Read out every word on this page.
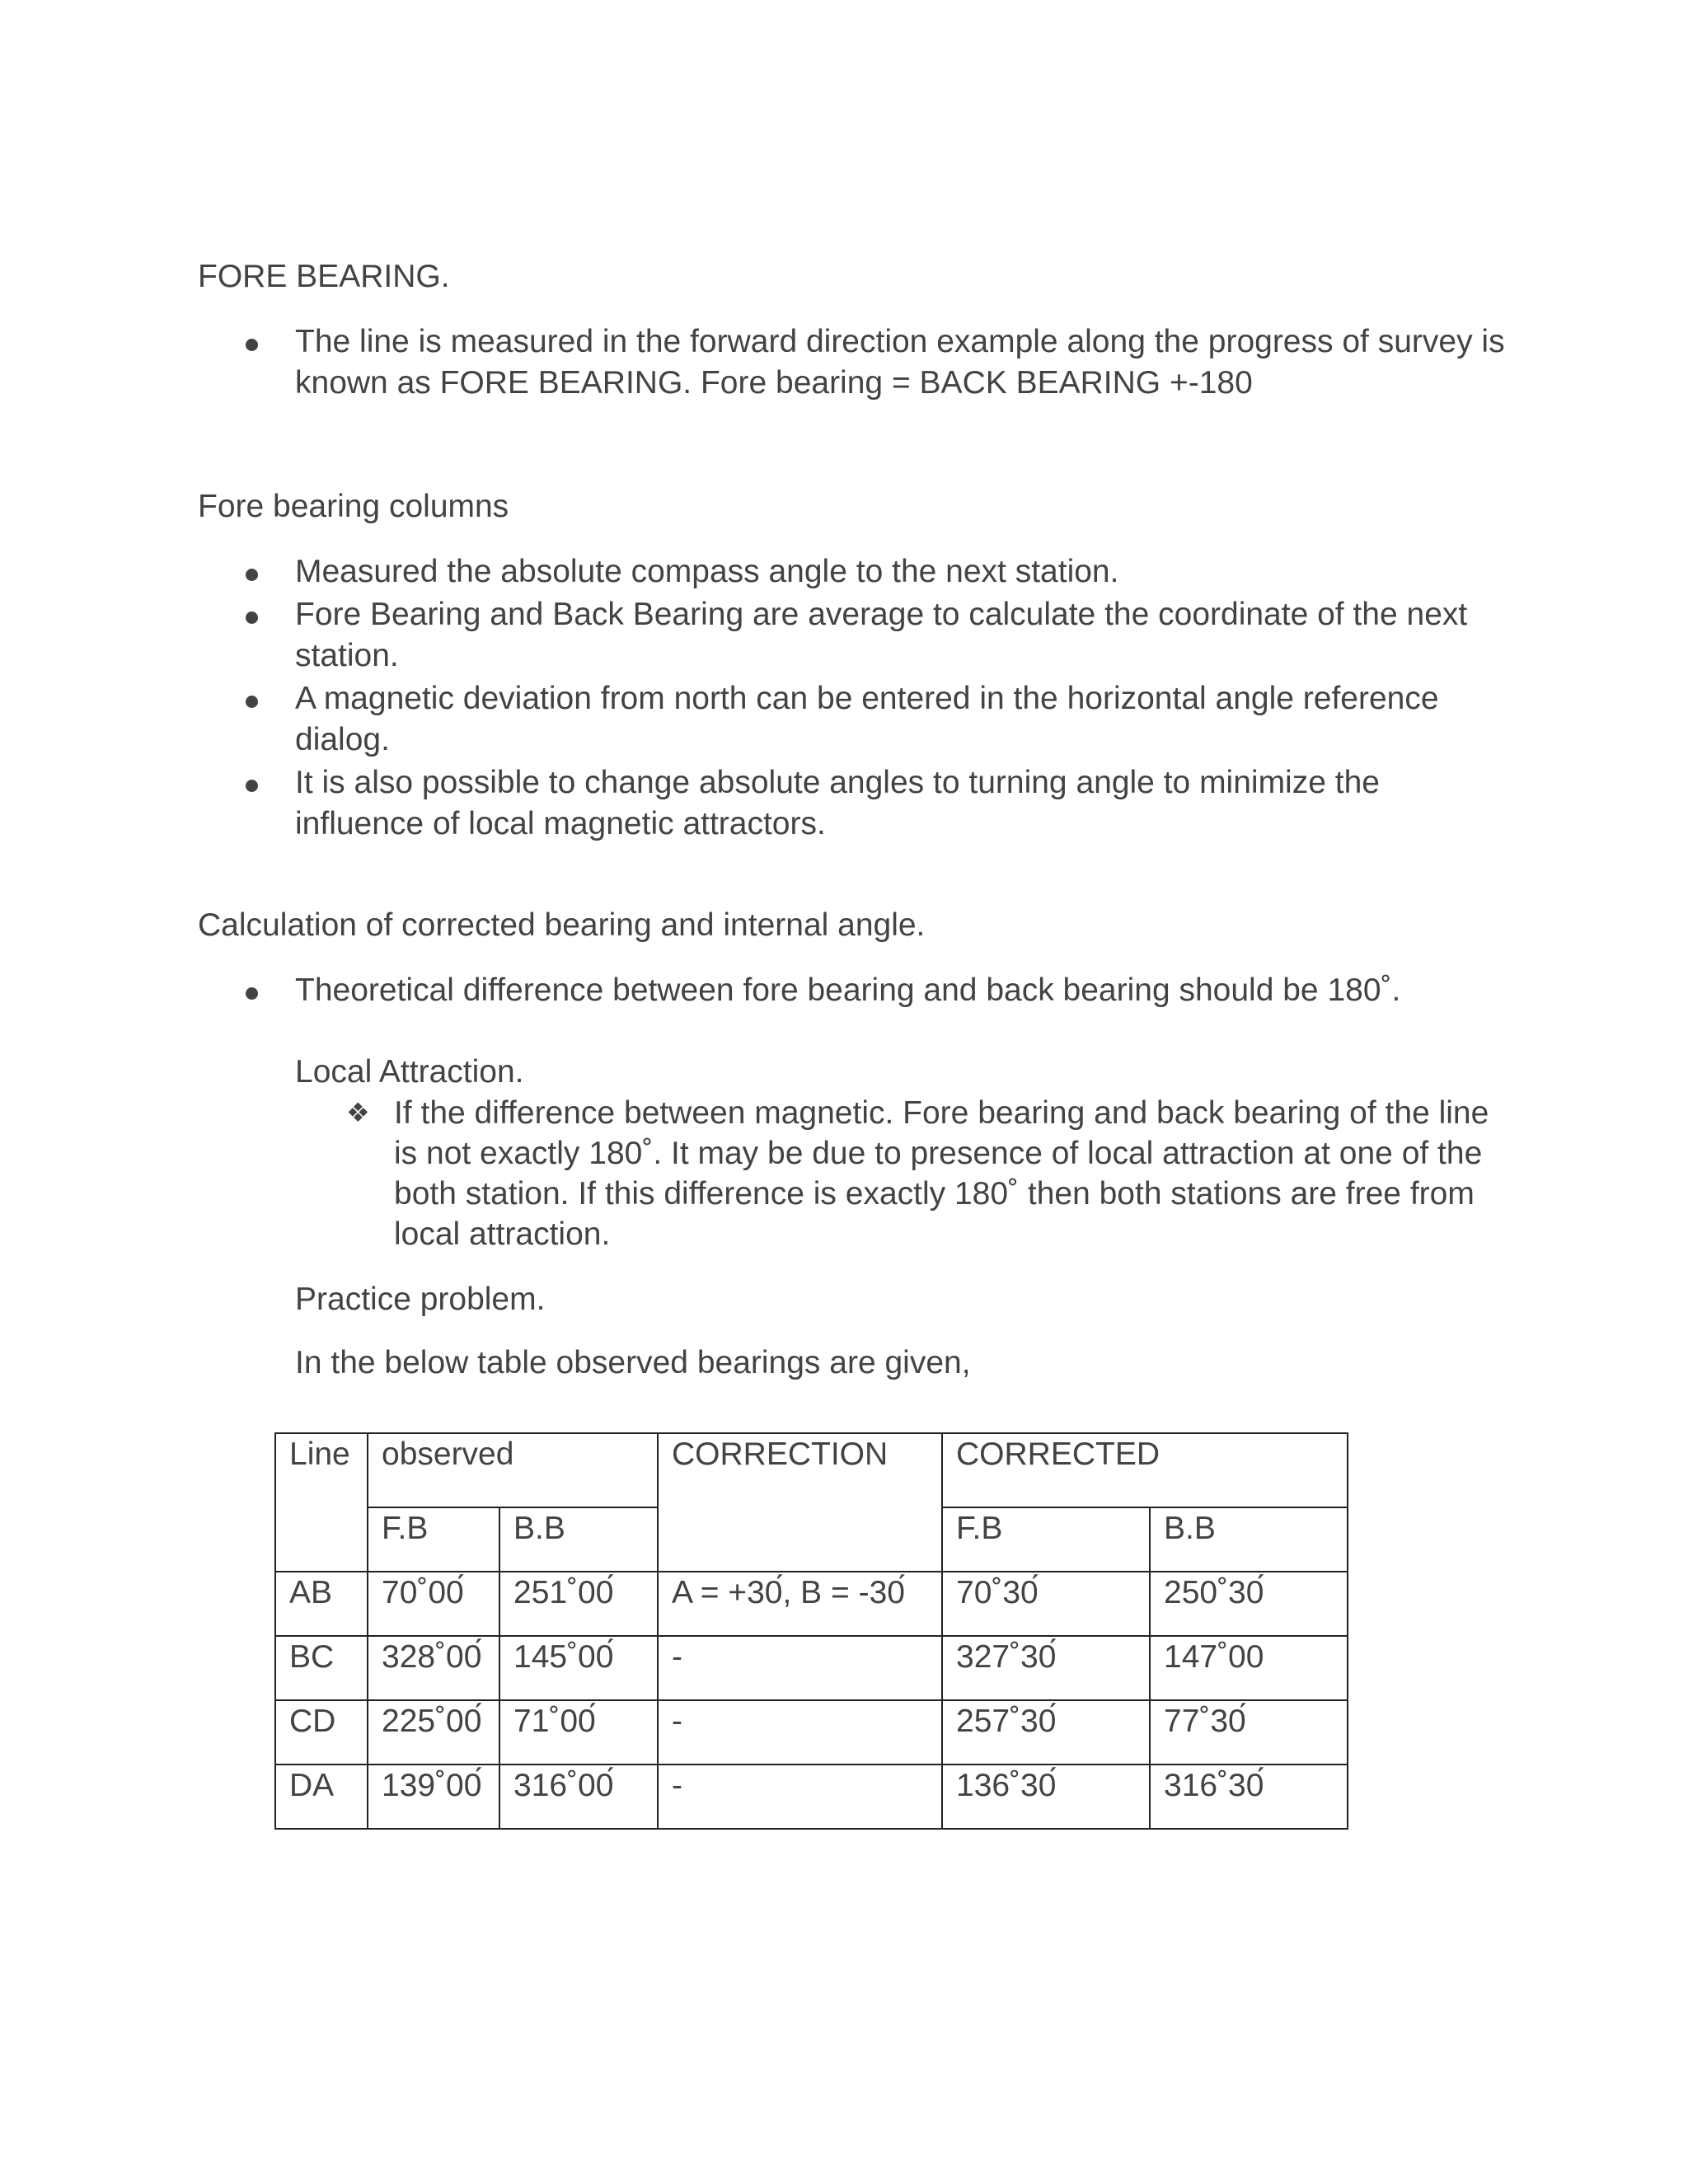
FORE BEARING.
The line is measured in the forward direction example along the progress of survey is known as FORE BEARING. Fore bearing = BACK BEARING +-180
Fore bearing columns
Measured the absolute compass angle to the next station.
Fore Bearing and Back Bearing are average to calculate the coordinate of the next station.
A magnetic deviation from north can be entered in the horizontal angle reference dialog.
It is also possible to change absolute angles to turning angle to minimize the influence of local magnetic attractors.
Calculation of corrected bearing and internal angle.
Theoretical difference between fore bearing and back bearing should be 180˚.

Local Attraction.

❖ If the difference between magnetic. Fore bearing and back bearing of the line is not exactly 180˚. It may be due to presence of local attraction at one of the both station. If this difference is exactly 180˚ then both stations are free from local attraction.

Practice problem.

In the below table observed bearings are given,

Line	observed		CORRECTION	CORRECTED	
	F.B	B.B		F.B	B.B
AB	70˚00́	251˚00́	A = +30́, B = -30́	70˚30́	250˚30́
BC	328˚00́	145˚00́	-	327˚30́	147˚00
CD	225˚00́	71˚00́	-	257˚30́	77˚30́
DA	139˚00́	316˚00́	-	136˚30́	316˚30́
